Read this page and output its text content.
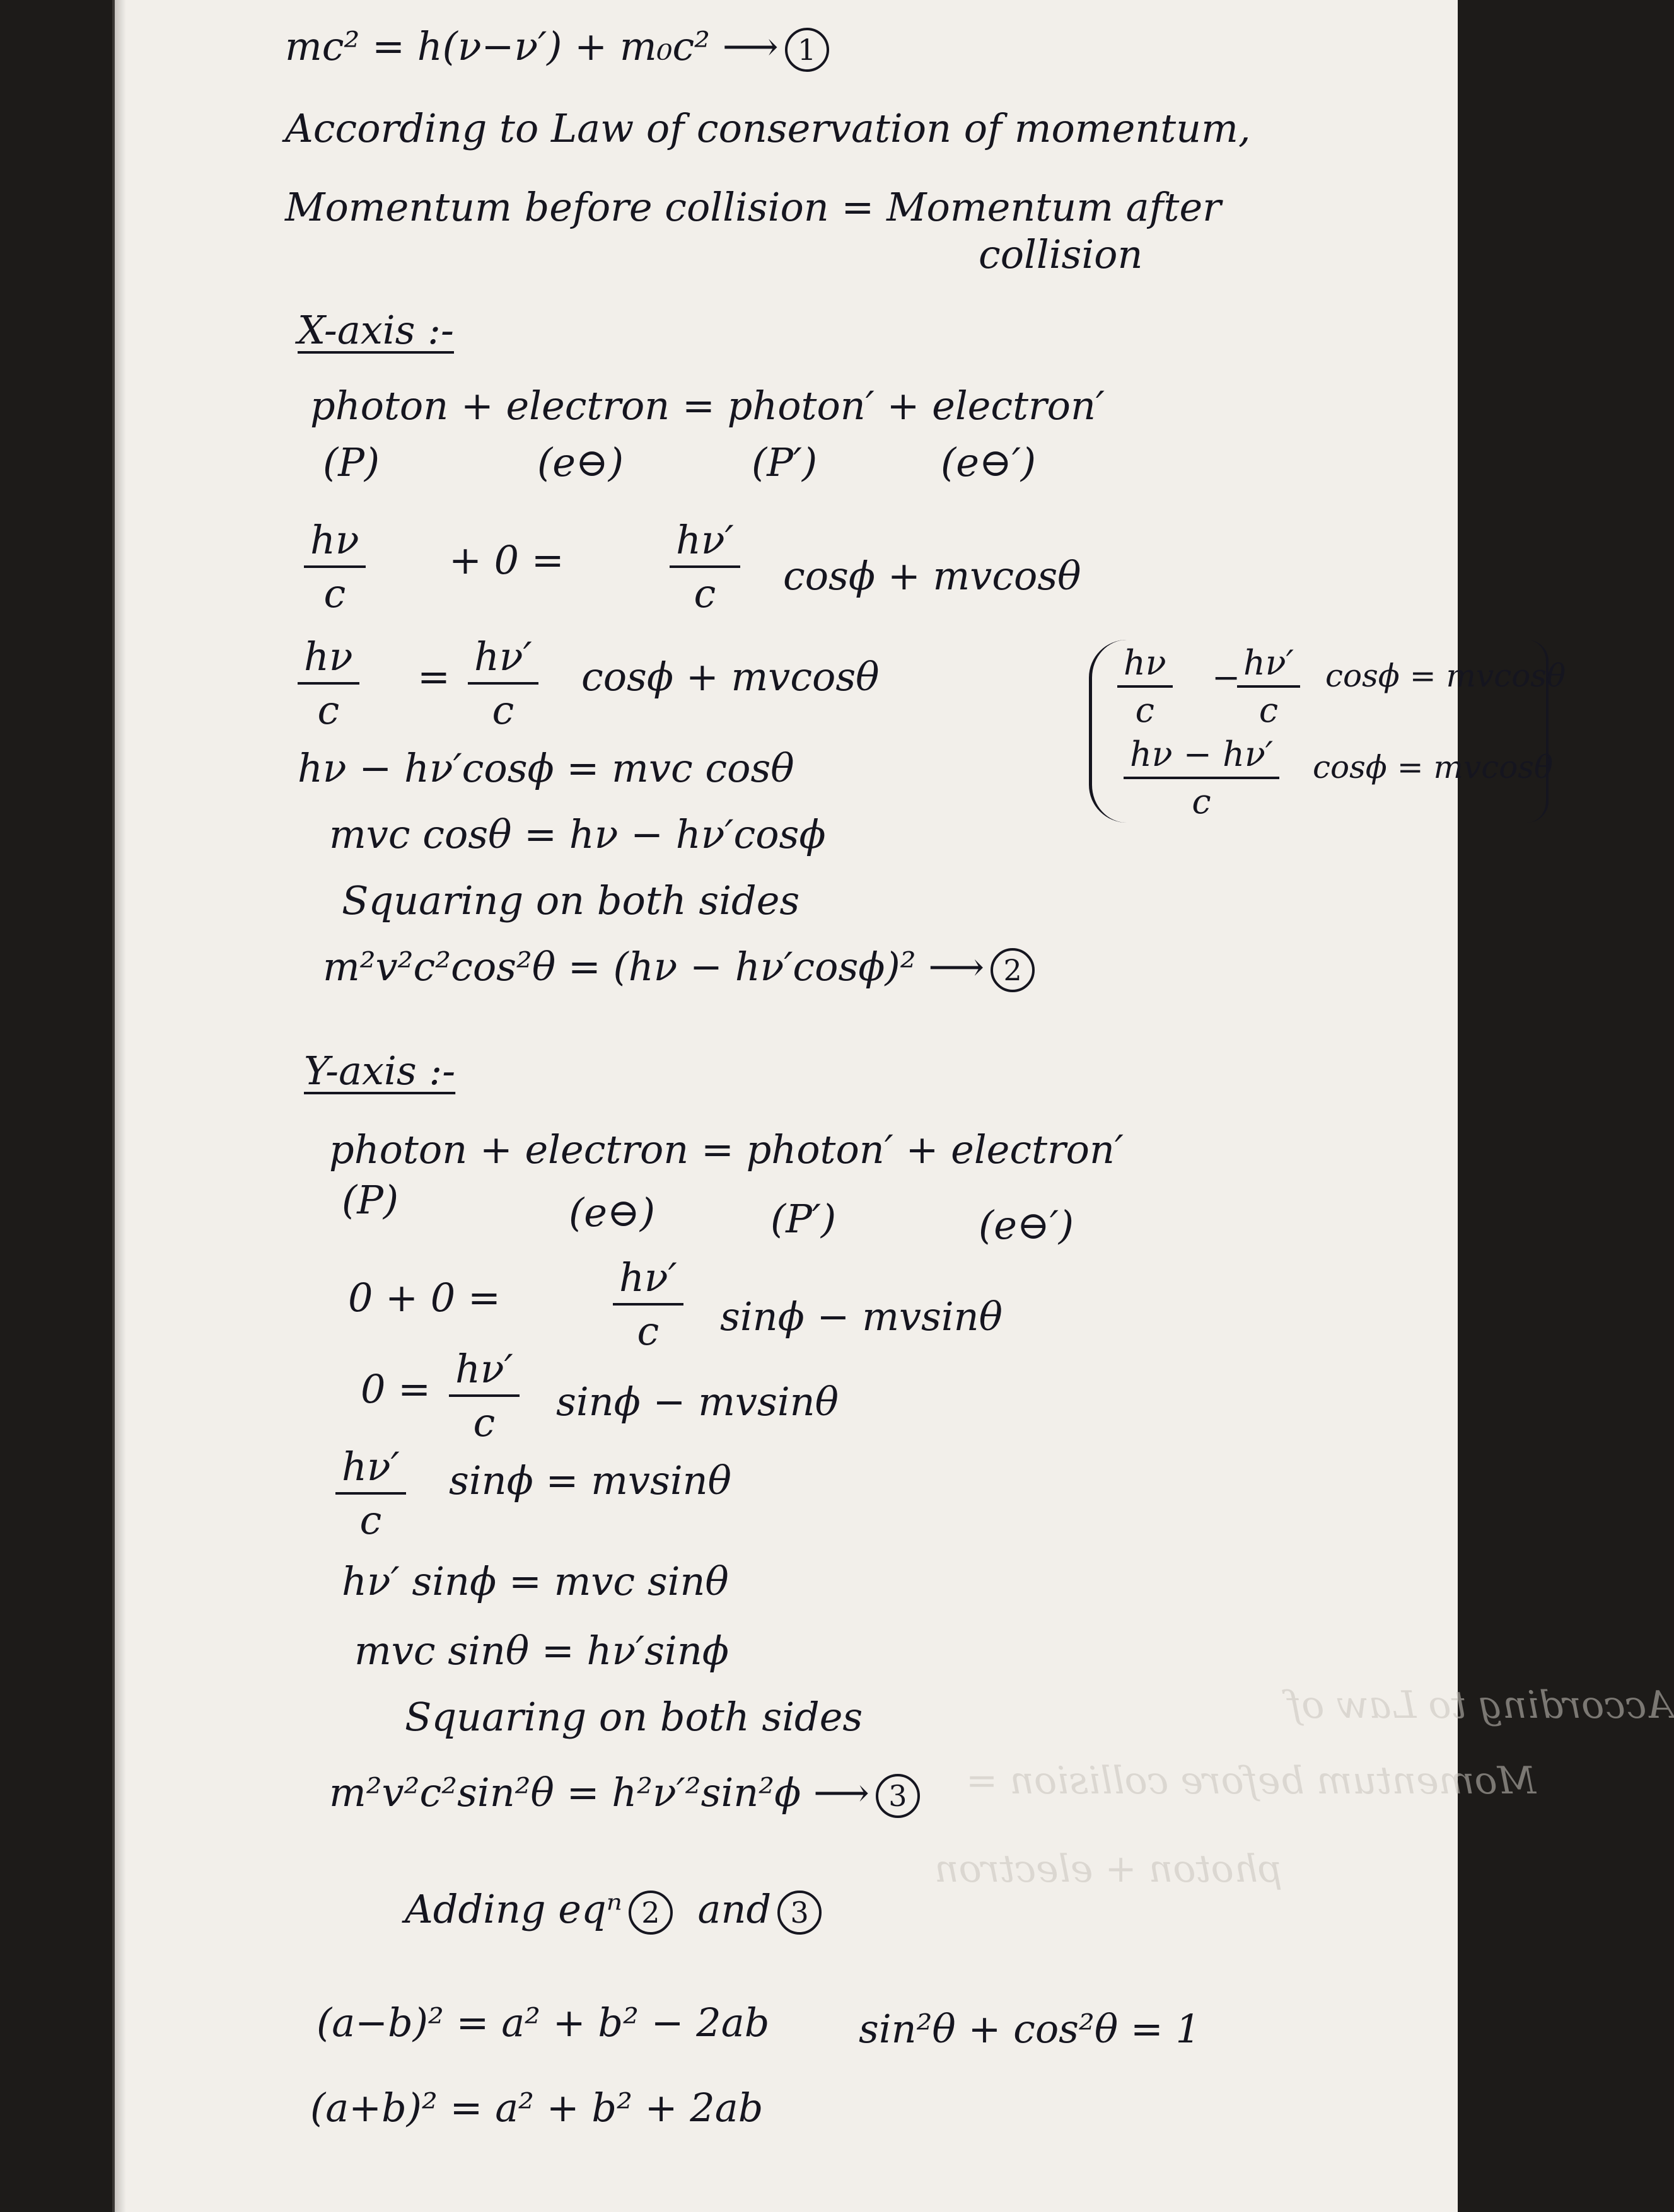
According to Law of
Momentum before collision =
photon + electron
mc² = h(ν−ν′) + m₀c² ⟶ 1
According to Law of conservation of momentum,
Momentum before collision = Momentum after
collision
X-axis :-
photon + electron = photon′ + electron′
(P)	(e⊖)	(P′)	(e⊖′)
hν
c
+ 0 =	hν′
c	cosϕ + mvcosθ
hν
c
= hν′
c
cosϕ + mvcosθ
hν − hν′cosϕ = mvc cosθ
mvc cosθ = hν − hν′cosϕ
Squaring on both sides
m²v²c²cos²θ = (hν − hν′cosϕ)² ⟶ 2
hν
c
− hν′
c
cosϕ = mvcosθ
hν − hν′
c
cosϕ = mvcosθ
Y-axis :-
photon + electron = photon′ + electron′
(P)	(e⊖)	(P′)	(e⊖′)
0 + 0 =	hν′
c	sinϕ − mvsinθ
0 = hν′
c	sinϕ − mvsinθ
hν′
c
sinϕ = mvsinθ
hν′ sinϕ = mvc sinθ
mvc sinθ = hν′sinϕ
Squaring on both sides
m²v²c²sin²θ = h²ν′²sin²ϕ ⟶ 3
Adding eqⁿ 2 and 3
(a−b)² = a² + b² − 2ab
(a+b)² = a² + b² + 2ab
sin²θ + cos²θ = 1
